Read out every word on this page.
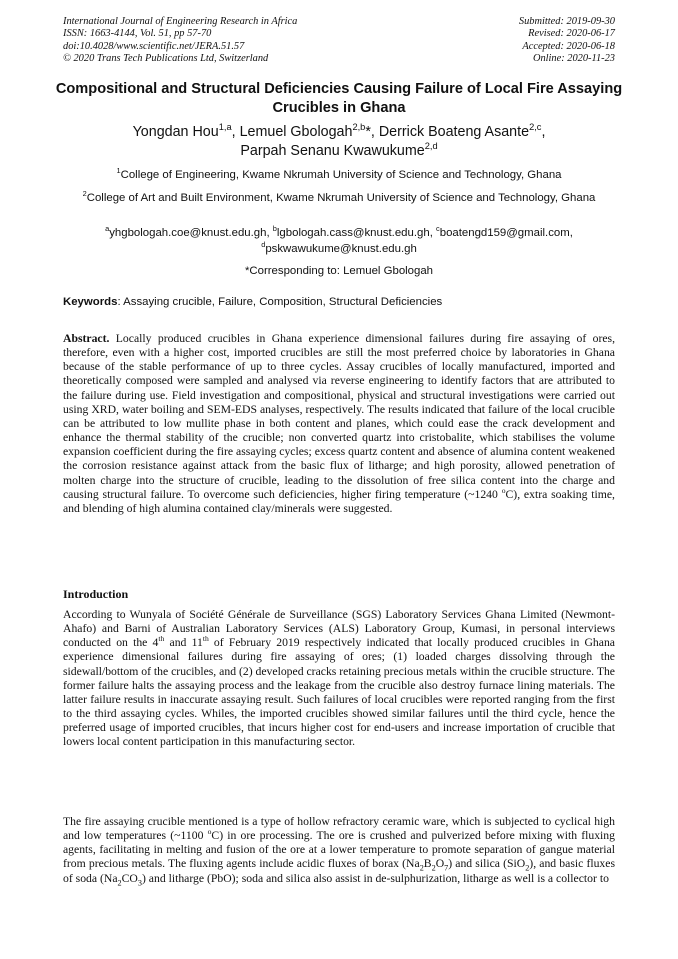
International Journal of Engineering Research in Africa
ISSN: 1663-4144, Vol. 51, pp 57-70
doi:10.4028/www.scientific.net/JERA.51.57
© 2020 Trans Tech Publications Ltd, Switzerland
Submitted: 2019-09-30
Revised: 2020-06-17
Accepted: 2020-06-18
Online: 2020-11-23
Compositional and Structural Deficiencies Causing Failure of Local Fire Assaying Crucibles in Ghana
Yongdan Hou$^{1,a}$, Lemuel Gbologah$^{2,b}$*, Derrick Boateng Asante$^{2,c}$,
Parpah Senanu Kwawukume$^{2,d}$
$^1$College of Engineering, Kwame Nkrumah University of Science and Technology, Ghana
$^2$College of Art and Built Environment, Kwame Nkrumah University of Science and Technology, Ghana
$^a$yhgbologah.coe@knust.edu.gh, $^b$lgbologah.cass@knust.edu.gh, $^c$boatengd159@gmail.com,
$^d$pskwawukume@knust.edu.gh
*Corresponding to: Lemuel Gbologah
Keywords: Assaying crucible, Failure, Composition, Structural Deficiencies
Abstract. Locally produced crucibles in Ghana experience dimensional failures during fire assaying of ores, therefore, even with a higher cost, imported crucibles are still the most preferred choice by laboratories in Ghana because of the stable performance of up to three cycles. Assay crucibles of locally manufactured, imported and theoretically composed were sampled and analysed via reverse engineering to identify factors that are attributed to the failure during use. Field investigation and compositional, physical and structural investigations were carried out using XRD, water boiling and SEM-EDS analyses, respectively. The results indicated that failure of the local crucible can be attributed to low mullite phase in both content and planes, which could ease the crack development and enhance the thermal stability of the crucible; non converted quartz into cristobalite, which stabilises the volume expansion coefficient during the fire assaying cycles; excess quartz content and absence of alumina content weakened the corrosion resistance against attack from the basic flux of litharge; and high porosity, allowed penetration of molten charge into the structure of crucible, leading to the dissolution of free silica content into the charge and causing structural failure. To overcome such deficiencies, higher firing temperature (~1240 $^o$C), extra soaking time, and blending of high alumina contained clay/minerals were suggested.
Introduction
According to Wunyala of Société Générale de Surveillance (SGS) Laboratory Services Ghana Limited (Newmont-Ahafo) and Barni of Australian Laboratory Services (ALS) Laboratory Group, Kumasi, in personal interviews conducted on the 4th and 11th of February 2019 respectively indicated that locally produced crucibles in Ghana experience dimensional failures during fire assaying of ores; (1) loaded charges dissolving through the sidewall/bottom of the crucibles, and (2) developed cracks retaining precious metals within the crucible structure. The former failure halts the assaying process and the leakage from the crucible also destroy furnace lining materials. The latter failure results in inaccurate assaying result. Such failures of local crucibles were reported ranging from the first to the third assaying cycles. Whiles, the imported crucibles showed similar failures until the third cycle, hence the preferred usage of imported crucibles, that incurs higher cost for end-users and increase importation of crucible that lowers local content participation in this manufacturing sector.
The fire assaying crucible mentioned is a type of hollow refractory ceramic ware, which is subjected to cyclical high and low temperatures (~1100 $^o$C) in ore processing. The ore is crushed and pulverized before mixing with fluxing agents, facilitating in melting and fusion of the ore at a lower temperature to promote separation of gangue material from precious metals. The fluxing agents include acidic fluxes of borax $(Na_2B_2O_7)$ and silica (SiO$_2$), and basic fluxes of soda $(Na_2CO_3)$ and litharge (PbO); soda and silica also assist in de-sulphurization, litharge as well is a collector to
